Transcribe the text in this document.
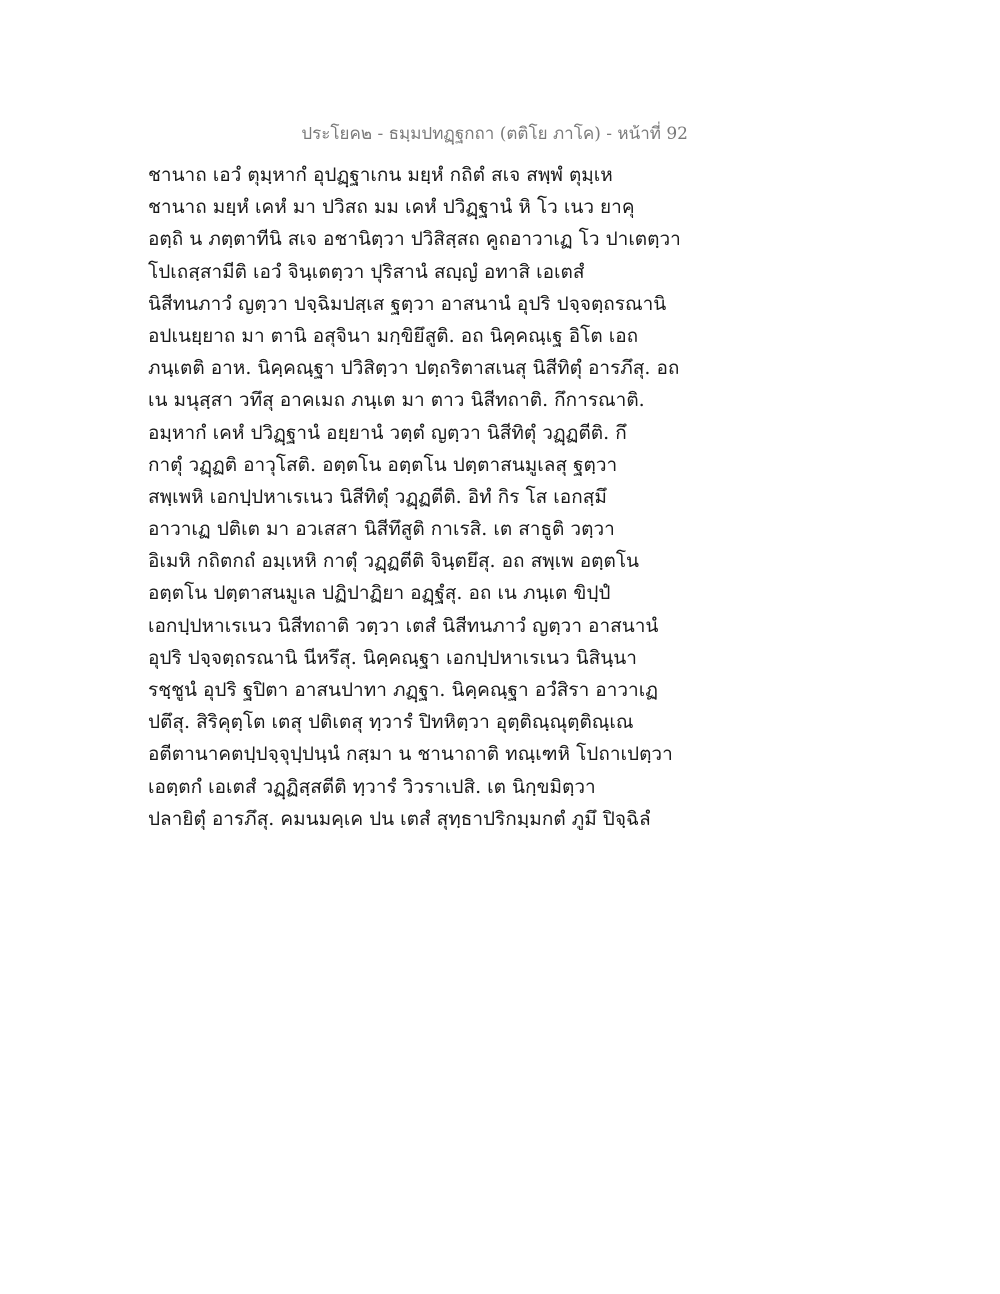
ประโยค๒ - ธมฺมปทฏฺฐกถา (ตติโย ภาโค) - หน้าที่ 92
ชานาถ เอวํ ตุมฺหากํ อุปฏฺฐาเกน มยฺหํ กถิตํ สเจ สพฺพํ ตุมฺเห
ชานาถ มยฺหํ เคหํ มา ปวิสถ มม เคหํ ปวิฏฺฐานํ หิ โว เนว ยาคุ
อตฺถิ น ภตฺตาทีนิ สเจ อชานิตฺวา ปวิสิสฺสถ คูถอาวาเฏ โว ปาเตตฺวา
โปเถสฺสามีติ เอวํ จินฺเตตฺวา ปุริสานํ สญฺญํ อทาสิ เอเตสํ
นิสีทนภาวํ ญตฺวา ปจฺฉิมปสฺเส ฐตฺวา อาสนานํ อุปริ ปจฺจตฺถรณานิ
อปเนยฺยาถ มา ตานิ อสุจินา มกฺขิยึสูติ. อถ นิคฺคณฺเฐ อิโต เอถ
ภนฺเตติ อาห. นิคฺคณฺฐา ปวิสิตฺวา ปตฺถริตาสเนสุ นิสีทิตุํ อารภึสุ. อถ
เน มนุสฺสา วทึสุ อาคเมถ ภนฺเต มา ตาว นิสีทถาติ. กึการณาติ.
อมฺหากํ เคหํ ปวิฏฺฐานํ อยฺยานํ วตฺตํ ญตฺวา นิสีทิตุํ วฏฺฏตีติ. กึ
กาตุํ วฏฺฏติ อาวุโสติ. อตฺตโน อตฺตโน ปตฺตาสนมูเลสุ ฐตฺวา
สพฺเพหิ เอกปฺปหาเรเนว นิสีทิตุํ วฏฺฏตีติ. อิทํ กิร โส เอกสฺมึ
อาวาเฏ ปติเต มา อวเสสา นิสีทึสูติ กาเรสิ. เต สาธูติ วตฺวา
อิเมหิ กถิตกถํ อมฺเหหิ กาตุํ วฏฺฏตีติ จินฺตยึสุ. อถ สพฺเพ อตฺตโน
อตฺตโน ปตฺตาสนมูเล ปฏิปาฏิยา อฏฺฐํสุ. อถ เน ภนฺเต ขิปฺปํ
เอกปฺปหาเรเนว นิสีทถาติ วตฺวา เตสํ นิสีทนภาวํ ญตฺวา อาสนานํ
อุปริ ปจฺจตฺถรณานิ นีหรึสุ. นิคฺคณฺฐา เอกปฺปหาเรเนว นิสินฺนา
รชฺชูนํ อุปริ ฐปิตา อาสนปาทา ภฏฺฐา. นิคฺคณฺฐา อวํสิรา อาวาเฏ
ปตึสุ. สิริคุตฺโต เตสุ ปติเตสุ ทฺวารํ ปิทหิตฺวา อุตฺติณฺณุตฺติณฺเณ
อตีตานาคตปฺปจฺจุปฺปนฺนํ กสฺมา น ชานาถาติ ทณฺเฑหิ โปถาเปตฺวา
เอตฺตกํ เอเตสํ วฏฺฏิสฺสตีติ ทฺวารํ วิวราเปสิ. เต นิกฺขมิตฺวา
ปลายิตุํ อารภึสุ. คมนมคฺเค ปน เตสํ สุทฺธาปริกมฺมกตํ ภูมึ ปิจฺฉิลํ
